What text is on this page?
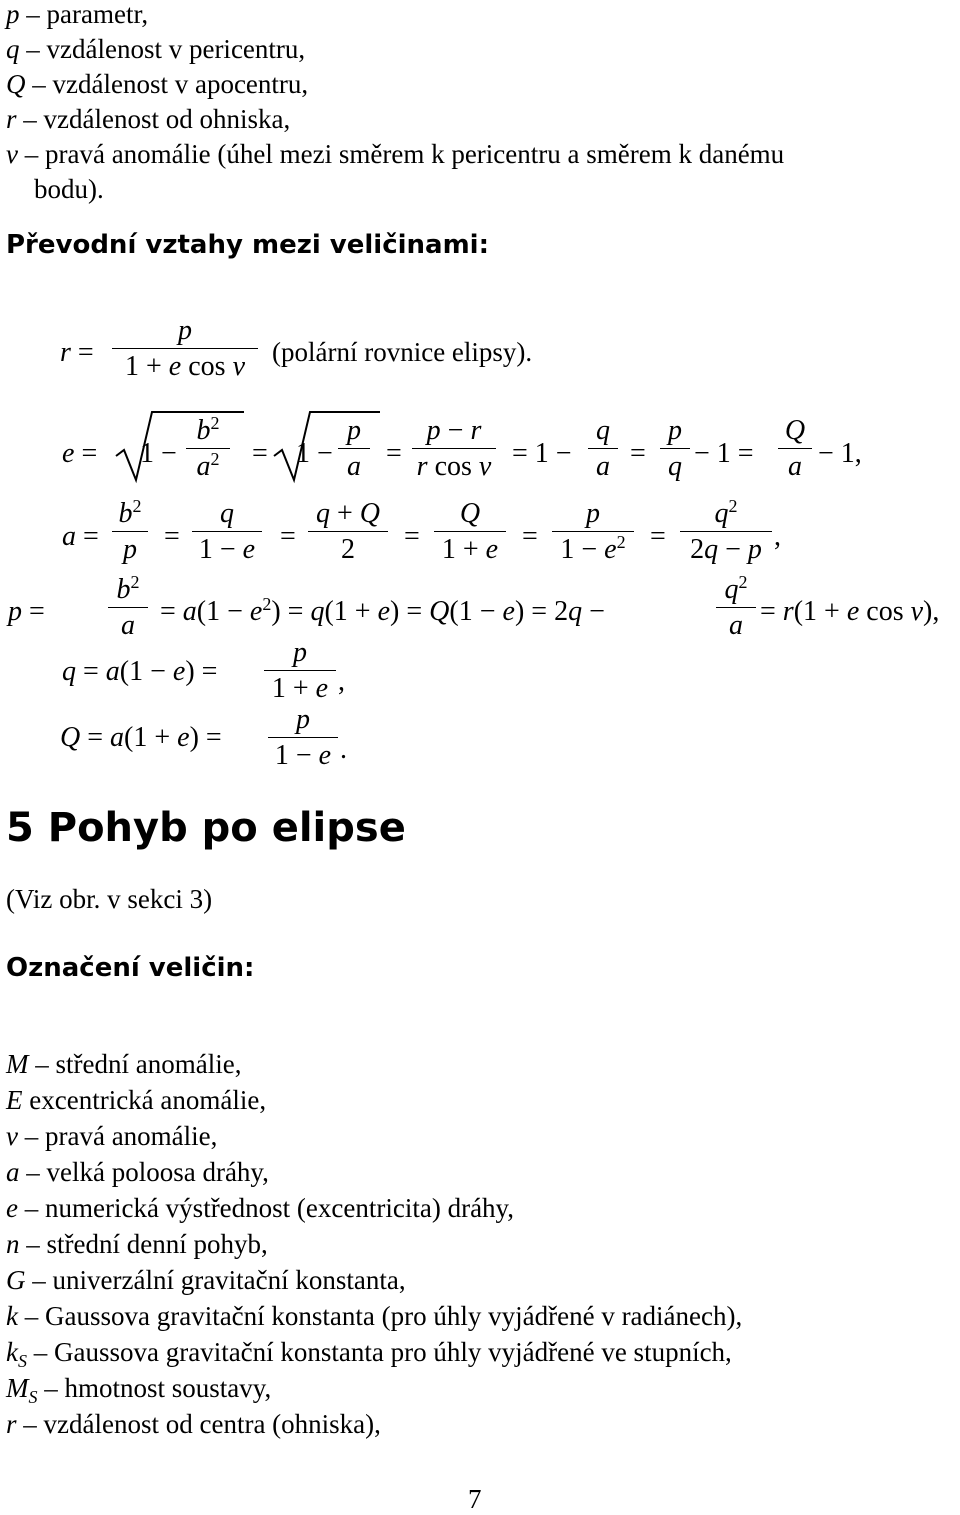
p – parametr,
q – vzdálenost v pericentru,
Q – vzdálenost v apocentru,
r – vzdálenost od ohniska,
v – pravá anomálie (úhel mezi směrem k pericentru a směrem k danému
bodu).
Převodní vztahy mezi veličinami:
r =
p
1 + e cos v	(polární rovnice elipsy).
e = 1 −
$b^2$
$a^2$	= 1 −
p
a =
p − r
r cos v = 1 −
q
a =
p
q − 1 =
Q
a − 1,
a =
$b^2$
p =
q
1 − e =
q + Q
2	=
Q
1 + e =
p
$1 - e^2$ =
$q^2$
2q − p ,
p =
$b^2$
$a = a(1 - e^2) = q(1 + e) = Q(1 - e) = 2q$ −
$q^2$
a = r(1 + e cos v),
q = a(1 − e) =
p
1 + e ,
Q = a(1 + e) =
p
1 − e .
5 Pohyb po elipse
(Viz obr. v sekci 3)
Označení veličin:
M – střední anomálie,
E excentrická anomálie,
v – pravá anomálie,
a – velká poloosa dráhy,
e – numerická výstřednost (excentricita) dráhy,
n – střední denní pohyb,
G – univerzální gravitační konstanta,
k – Gaussova gravitační konstanta (pro úhly vyjádřené v radiánech),
$k_S$ – Gaussova gravitační konstanta pro úhly vyjádřené ve stupních,
$M_S$ – hmotnost soustavy,
r – vzdálenost od centra (ohniska),
7
